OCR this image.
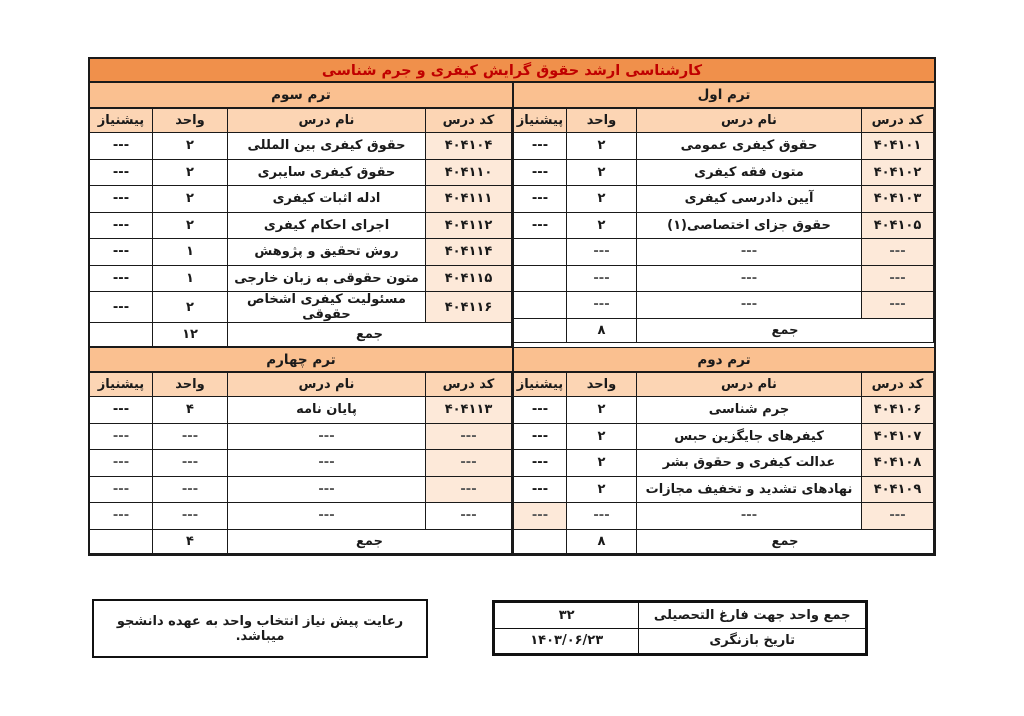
کارشناسی ارشد حقوق گرایش کیفری و جرم شناسی
ترم سوم
کد درس	نام درس	واحد	پیشنیاز
۴۰۴۱۰۴	حقوق کیفری بین المللی	۲	---
۴۰۴۱۱۰	حقوق کیفری سایبری	۲	---
۴۰۴۱۱۱	ادله اثبات کیفری	۲	---
۴۰۴۱۱۲	اجرای احکام کیفری	۲	---
۴۰۴۱۱۴	روش تحقیق و پژوهش	۱	---
۴۰۴۱۱۵	متون حقوقی به زبان خارجی	۱	---
۴۰۴۱۱۶	مسئولیت کیفری اشخاص حقوقی	۲	---
جمع		۱۲	
ترم اول
کد درس	نام درس	واحد	پیشنیاز
۴۰۴۱۰۱	حقوق کیفری عمومی	۲	---
۴۰۴۱۰۲	متون فقه کیفری	۲	---
۴۰۴۱۰۳	آیین دادرسی کیفری	۲	---
۴۰۴۱۰۵	حقوق جزای اختصاصی(۱)	۲	---
---	---	---	
---	---	---	
---	---	---	
جمع		۸	
ترم چهارم
کد درس	نام درس	واحد	پیشنیاز
۴۰۴۱۱۳	پایان نامه	۴	---
---	---	---	---
---	---	---	---
---	---	---	---
---	---	---	---
جمع		۴	
ترم دوم
کد درس	نام درس	واحد	پیشنیاز
۴۰۴۱۰۶	جرم شناسی	۲	---
۴۰۴۱۰۷	کیفرهای جایگزین حبس	۲	---
۴۰۴۱۰۸	عدالت کیفری و حقوق بشر	۲	---
۴۰۴۱۰۹	نهادهای تشدید و تخفیف مجازات	۲	---
---	---	---	---
جمع		۸	
رعایت پیش نیاز انتخاب واحد به عهده دانشجو میباشد.
جمع واحد جهت فارغ التحصیلی	۳۲
تاریخ بازنگری	۱۴۰۳/۰۶/۲۳
